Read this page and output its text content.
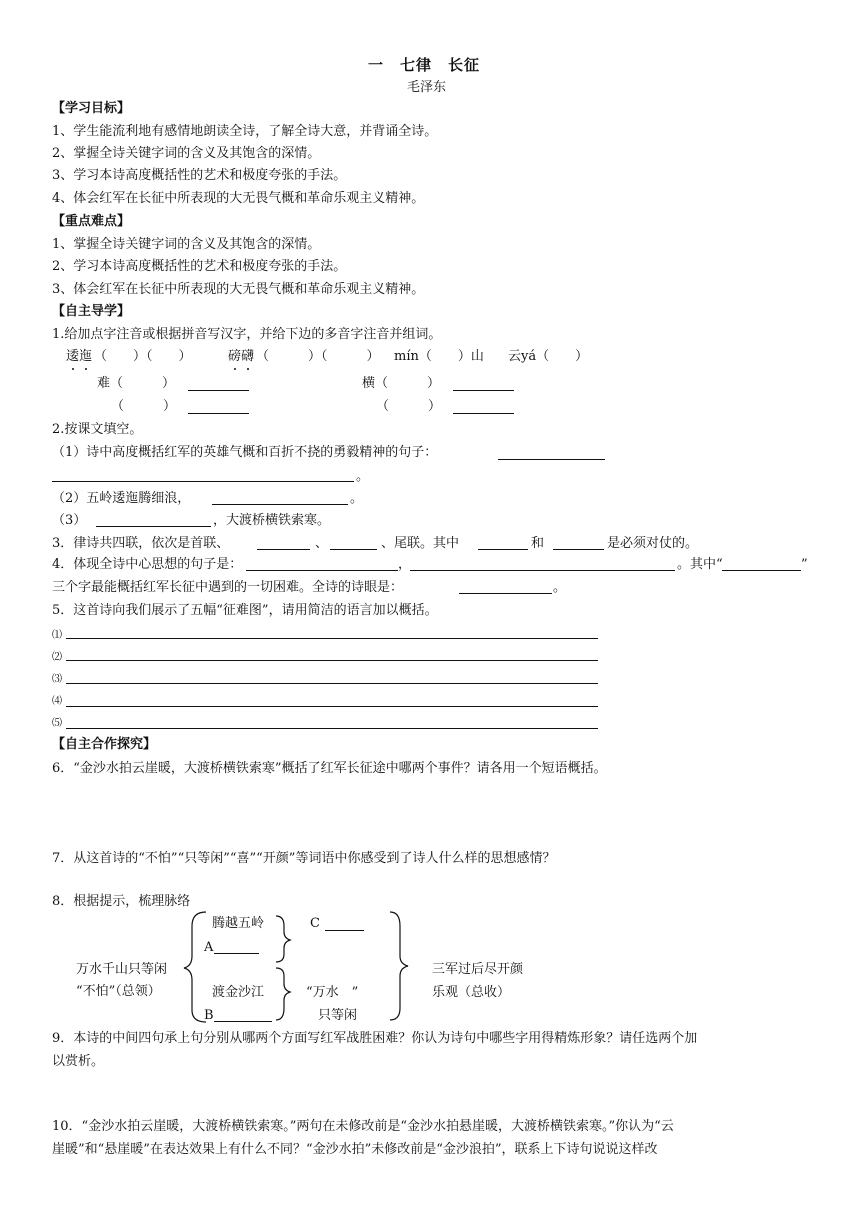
一　七律　长征
毛泽东
【学习目标】
1、学生能流利地有感情地朗读全诗，了解全诗大意，并背诵全诗。
2、掌握全诗关键字词的含义及其饱含的深情。
3、学习本诗高度概括性的艺术和极度夸张的手法。
4、体会红军在长征中所表现的大无畏气概和革命乐观主义精神。
【重点难点】
1、掌握全诗关键字词的含义及其饱含的深情。
2、学习本诗高度概括性的艺术和极度夸张的手法。
3、体会红军在长征中所表现的大无畏气概和革命乐观主义精神。
【自主导学】
1.给加点字注音或根据拼音写汉字，并给下边的多音字注音并组词。
逶迤 （　　）（　　）	磅礴 （　　　）（　　　） mín（　　）山 云yá（　　）
难（　　　）	横（　　　）
（　　　）	（　　　）
2.按课文填空。
（1）诗中高度概括红军的英雄气概和百折不挠的勇毅精神的句子：
。
（2）五岭逶迤腾细浪，	。
（3）	，大渡桥横铁索寒。
3．律诗共四联，依次是首联、	、	、尾联。其中	和	是必须对仗的。
4．体现全诗中心思想的句子是：	，	。其中“	”
三个字最能概括红军长征中遇到的一切困难。全诗的诗眼是：	。
5．这首诗向我们展示了五幅“征难图”，请用简洁的语言加以概括。
⑴
⑵
⑶
⑷
⑸
【自主合作探究】
6．“金沙水拍云崖暖，大渡桥横铁索寒”概括了红军长征途中哪两个事件？请各用一个短语概括。
7．从这首诗的“不怕”“只等闲”“喜”“开颜”等词语中你感受到了诗人什么样的思想感情？
8．根据提示，梳理脉络
万水千山只等闲
“不怕”（总领）
腾越五岭
A
渡金沙江
B
C
“万水　”
只等闲
三军过后尽开颜
乐观（总收）
9．本诗的中间四句承上句分别从哪两个方面写红军战胜困难？你认为诗句中哪些字用得精炼形象？请任选两个加
以赏析。
10．“金沙水拍云崖暖，大渡桥横铁索寒。”两句在未修改前是“金沙水拍悬崖暖，大渡桥横铁索寒。”你认为“云
崖暖”和“悬崖暖”在表达效果上有什么不同？“金沙水拍”未修改前是“金沙浪拍”，联系上下诗句说说这样改
